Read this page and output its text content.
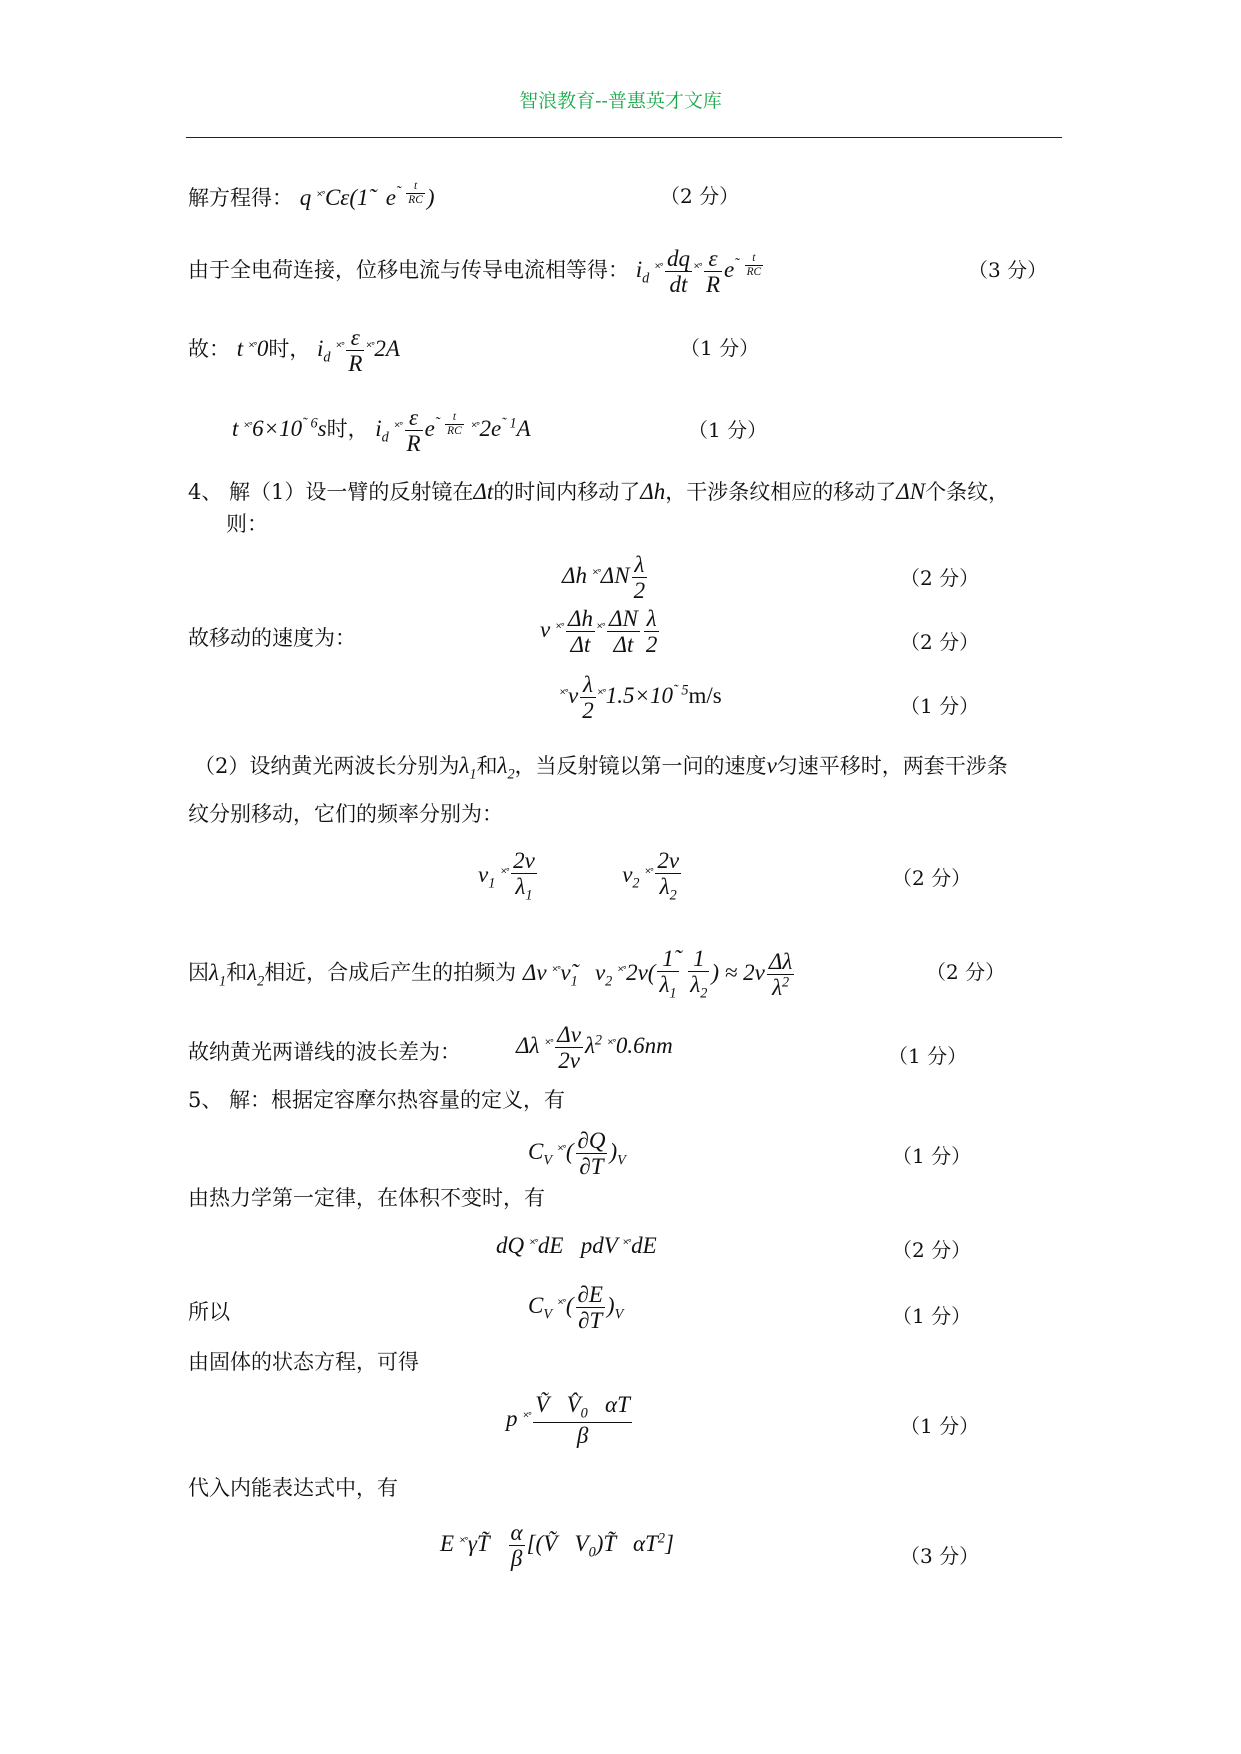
智浪教育--普惠英才文库
解方程得： q ˟˚Cε(1̃   $e^{˜ \frac{t}{RC}}$ )	（2 分）
由于全电荷连接，位移电流与传导电流相等得： $i_d$ ˟˚ $\frac{dq}{dt}$ ˟˚ $\frac{\varepsilon}{R} e^{˜ \frac{t}{RC}}$	（3 分）
故： t ˟˚0时， $i_d$ ˟˚ $\frac{\varepsilon}{R}$ ˟˚2A	（1 分）
t $˟˚6\times 10^{˜ 6}s$时， $i_d$ ˟˚ $\frac{\varepsilon}{R} e^{˜ \frac{t}{RC}}$ $˟˚2e^{˜ 1}A$	（1 分）
4、 解（1）设一臂的反射镜在Δt的时间内移动了Δh，干涉条纹相应的移动了ΔN个条纹，
则：
Δh ˟˚ΔN $\frac{\lambda}{2}$	（2 分）
故移动的速度为：	v ˟˚ $\frac{\Delta h}{\Delta t}$ ˟˚ $\frac{\Delta N}{\Delta t} \frac{\lambda}{2}$	（2 分）
˟˚ν $\frac{\lambda}{2}$ $˟˚1.5\times 10^{˜ 5}m/s$	（1 分）
（2）设纳黄光两波长分别为$\lambda_1$和$\lambda_2$，当反射镜以第一问的速度v匀速平移时，两套干涉条
纹分别移动，它们的频率分别为：
$\nu_1$ ˟˚ $\frac{2v}{\lambda_1}$	$\nu_2$ ˟˚ $\frac{2v}{\lambda_2}$	（2 分）
因$\lambda_1$和$\lambda_2$相近，合成后产生的拍频为 Δν $˟˚\nũ_1$   $\nu_2$ ˟˚2v( $\frac{1̃}{\lambda_1}$
$\frac{1}{\lambda_2}$ ) ≈ $2v \frac{\Delta\lambda}{\lambda^2}$	（2 分）
故纳黄光两谱线的波长差为： Δλ ˟˚ $\frac{\Delta\nu}{2v} \lambda^2$ ˟˚0.6nm	（1 分）
5、 解：根据定容摩尔热容量的定义，有
$C_V$ ˟˚( $\frac{\partial Q}{\partial T} )_V$	（1 分）
由热力学第一定律，在体积不变时，有
dQ ˟˚dE   pdV ˟˚dE	（2 分）
所以	$C_V$ ˟˚( $\frac{\partial E}{\partial T} )_V$	（1 分）
由固体的状态方程，可得
p ˟˚ $\frac{Ṽ V̂_0 \alpha T}{\beta}$	（1 分）
代入内能表达式中，有
E ˟˚γT̃ $\frac{\alpha}{\beta}$ [(Ṽ   $V_0)T̃$   $\alpha T^2$]	（3 分）
